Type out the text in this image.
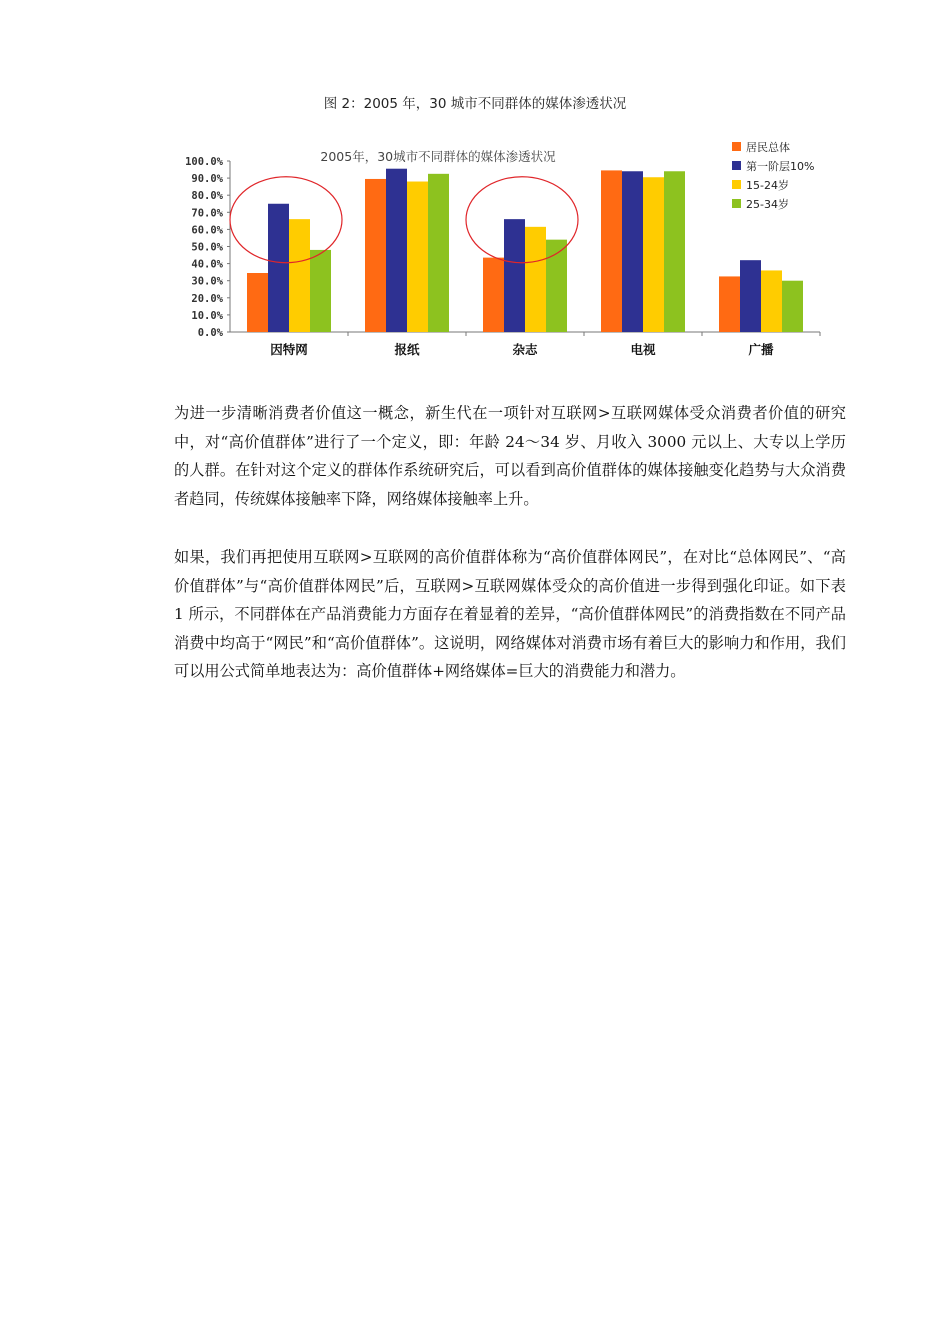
图 2：2005 年，30 城市不同群体的媒体渗透状况
2005年，30城市不同群体的媒体渗透状况
0.0%
10.0%
20.0%
30.0%
40.0%
50.0%
60.0%
70.0%
80.0%
90.0%
100.0%
因特网	报纸	杂志	电视	广播
居民总体
第一阶层10%
15-24岁
25-34岁

为进一步清晰消费者价值这一概念，新生代在一项针对互联网>互联网媒体受众消费者价值的研究中，对“高价值群体”进行了一个定义，即：年龄 24～34 岁、月收入 3000 元以上、大专以上学历的人群。在针对这个定义的群体作系统研究后，可以看到高价值群体的媒体接触变化趋势与大众消费者趋同，传统媒体接触率下降，网络媒体接触率上升。

如果，我们再把使用互联网>互联网的高价值群体称为“高价值群体网民”，在对比“总体网民”、“高价值群体”与“高价值群体网民”后，互联网>互联网媒体受众的高价值进一步得到强化印证。如下表 1 所示，不同群体在产品消费能力方面存在着显着的差异，“高价值群体网民”的消费指数在不同产品消费中均高于“网民”和“高价值群体”。这说明，网络媒体对消费市场有着巨大的影响力和作用，我们可以用公式简单地表达为：高价值群体+网络媒体=巨大的消费能力和潜力。
